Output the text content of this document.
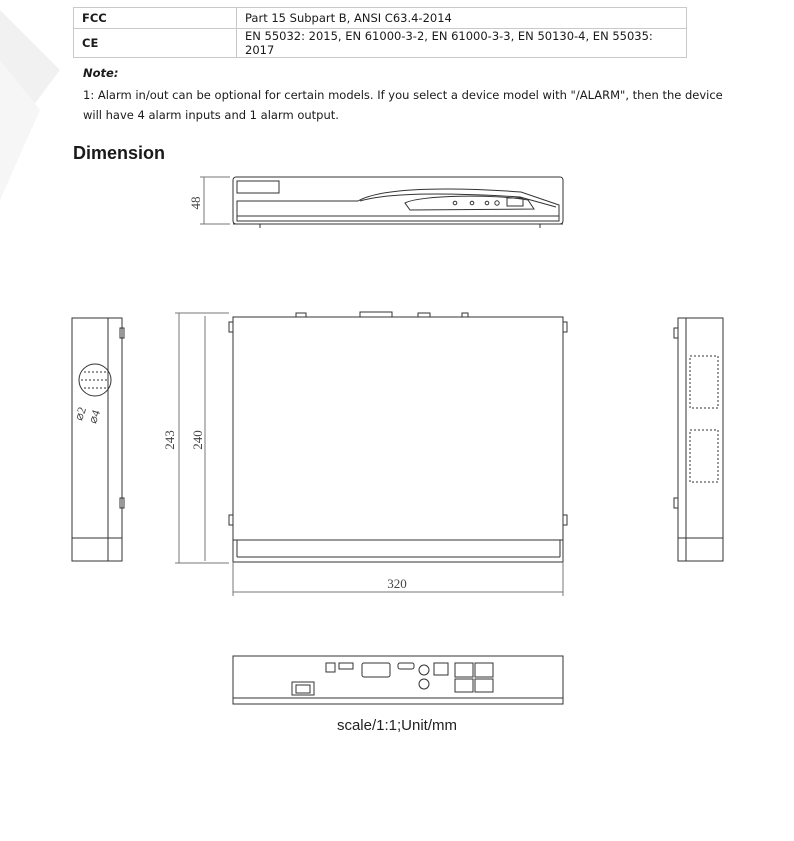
FCC	Part 15 Subpart B, ANSI C63.4-2014
CE	EN 55032: 2015, EN 61000-3-2, EN 61000-3-3, EN 50130-4, EN 55035: 2017
Note:
1: Alarm in/out can be optional for certain models. If you select a device model with "/ALARM", then the device will have 4 alarm inputs and 1 alarm output.
Dimension
48
243 240
320
⌀2
⌀4
scale/1:1;Unit/mm
